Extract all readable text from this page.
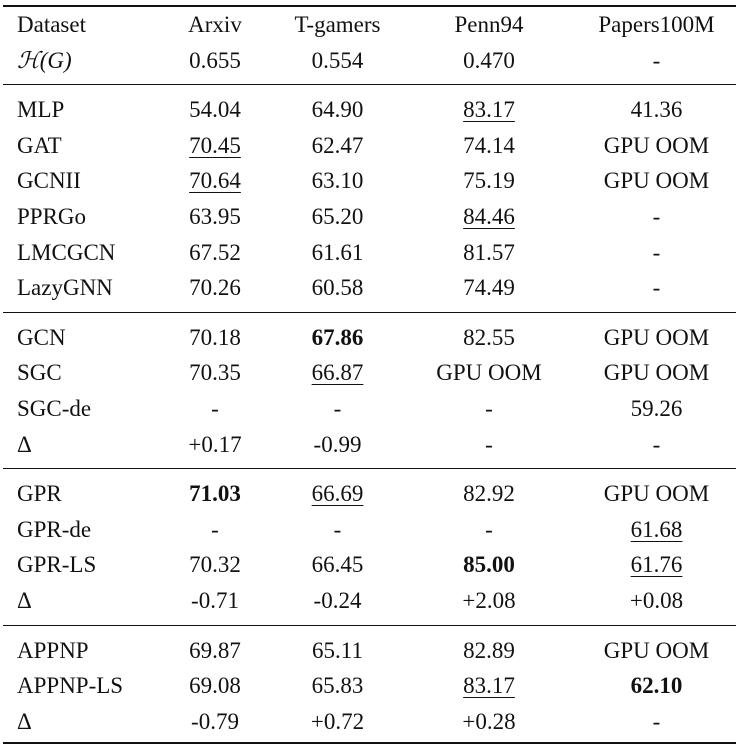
Dataset	Arxiv	T-gamers	Penn94	Papers100M
ℋ(G)	0.655	0.554	0.470	-
MLP	54.04	64.90	83.17	41.36
GAT	70.45	62.47	74.14	GPU OOM
GCNII	70.64	63.10	75.19	GPU OOM
PPRGo	63.95	65.20	84.46	-
LMCGCN	67.52	61.61	81.57	-
LazyGNN	70.26	60.58	74.49	-
GCN	70.18	67.86	82.55	GPU OOM
SGC	70.35	66.87	GPU OOM	GPU OOM
SGC-de	-	-	-	59.26
Δ	+0.17	-0.99	-	-
GPR	71.03	66.69	82.92	GPU OOM
GPR-de	-	-	-	61.68
GPR-LS	70.32	66.45	85.00	61.76
Δ	-0.71	-0.24	+2.08	+0.08
APPNP	69.87	65.11	82.89	GPU OOM
APPNP-LS	69.08	65.83	83.17	62.10
Δ	-0.79	+0.72	+0.28	-
